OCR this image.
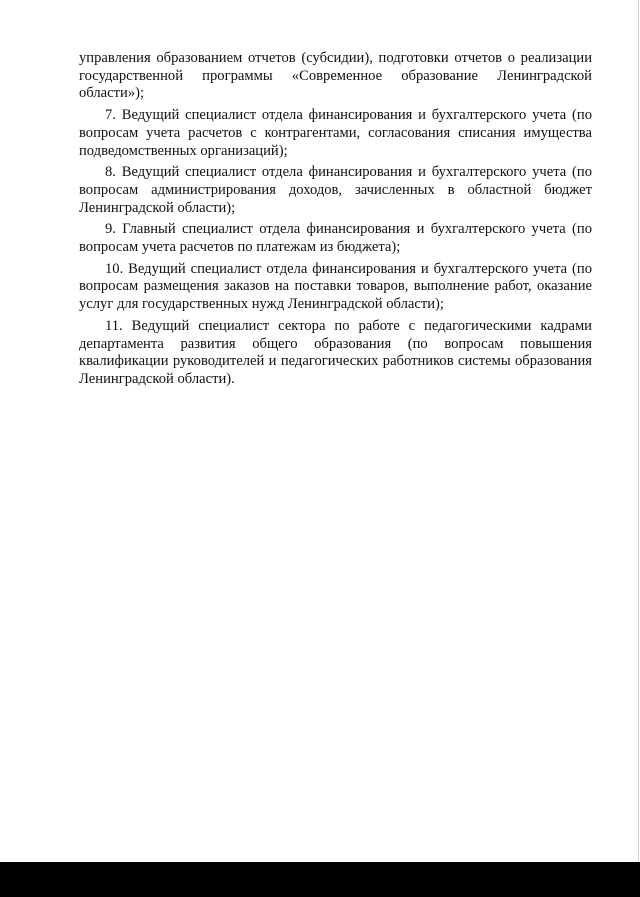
управления образованием отчетов (субсидии), подготовки отчетов о реализации государственной программы «Современное образование Ленинградской области»);

7. Ведущий специалист отдела финансирования и бухгалтерского учета (по вопросам учета расчетов с контрагентами, согласования списания имущества подведомственных организаций);

8. Ведущий специалист отдела финансирования и бухгалтерского учета (по вопросам администрирования доходов, зачисленных в областной бюджет Ленинградской области);

9. Главный специалист отдела финансирования и бухгалтерского учета (по вопросам учета расчетов по платежам из бюджета);

10. Ведущий специалист отдела финансирования и бухгалтерского учета (по вопросам размещения заказов на поставки товаров, выполнение работ, оказание услуг для государственных нужд Ленинградской области);

11. Ведущий специалист сектора по работе с педагогическими кадрами департамента развития общего образования (по вопросам повышения квалификации руководителей и педагогических работников системы образования Ленинградской области).
